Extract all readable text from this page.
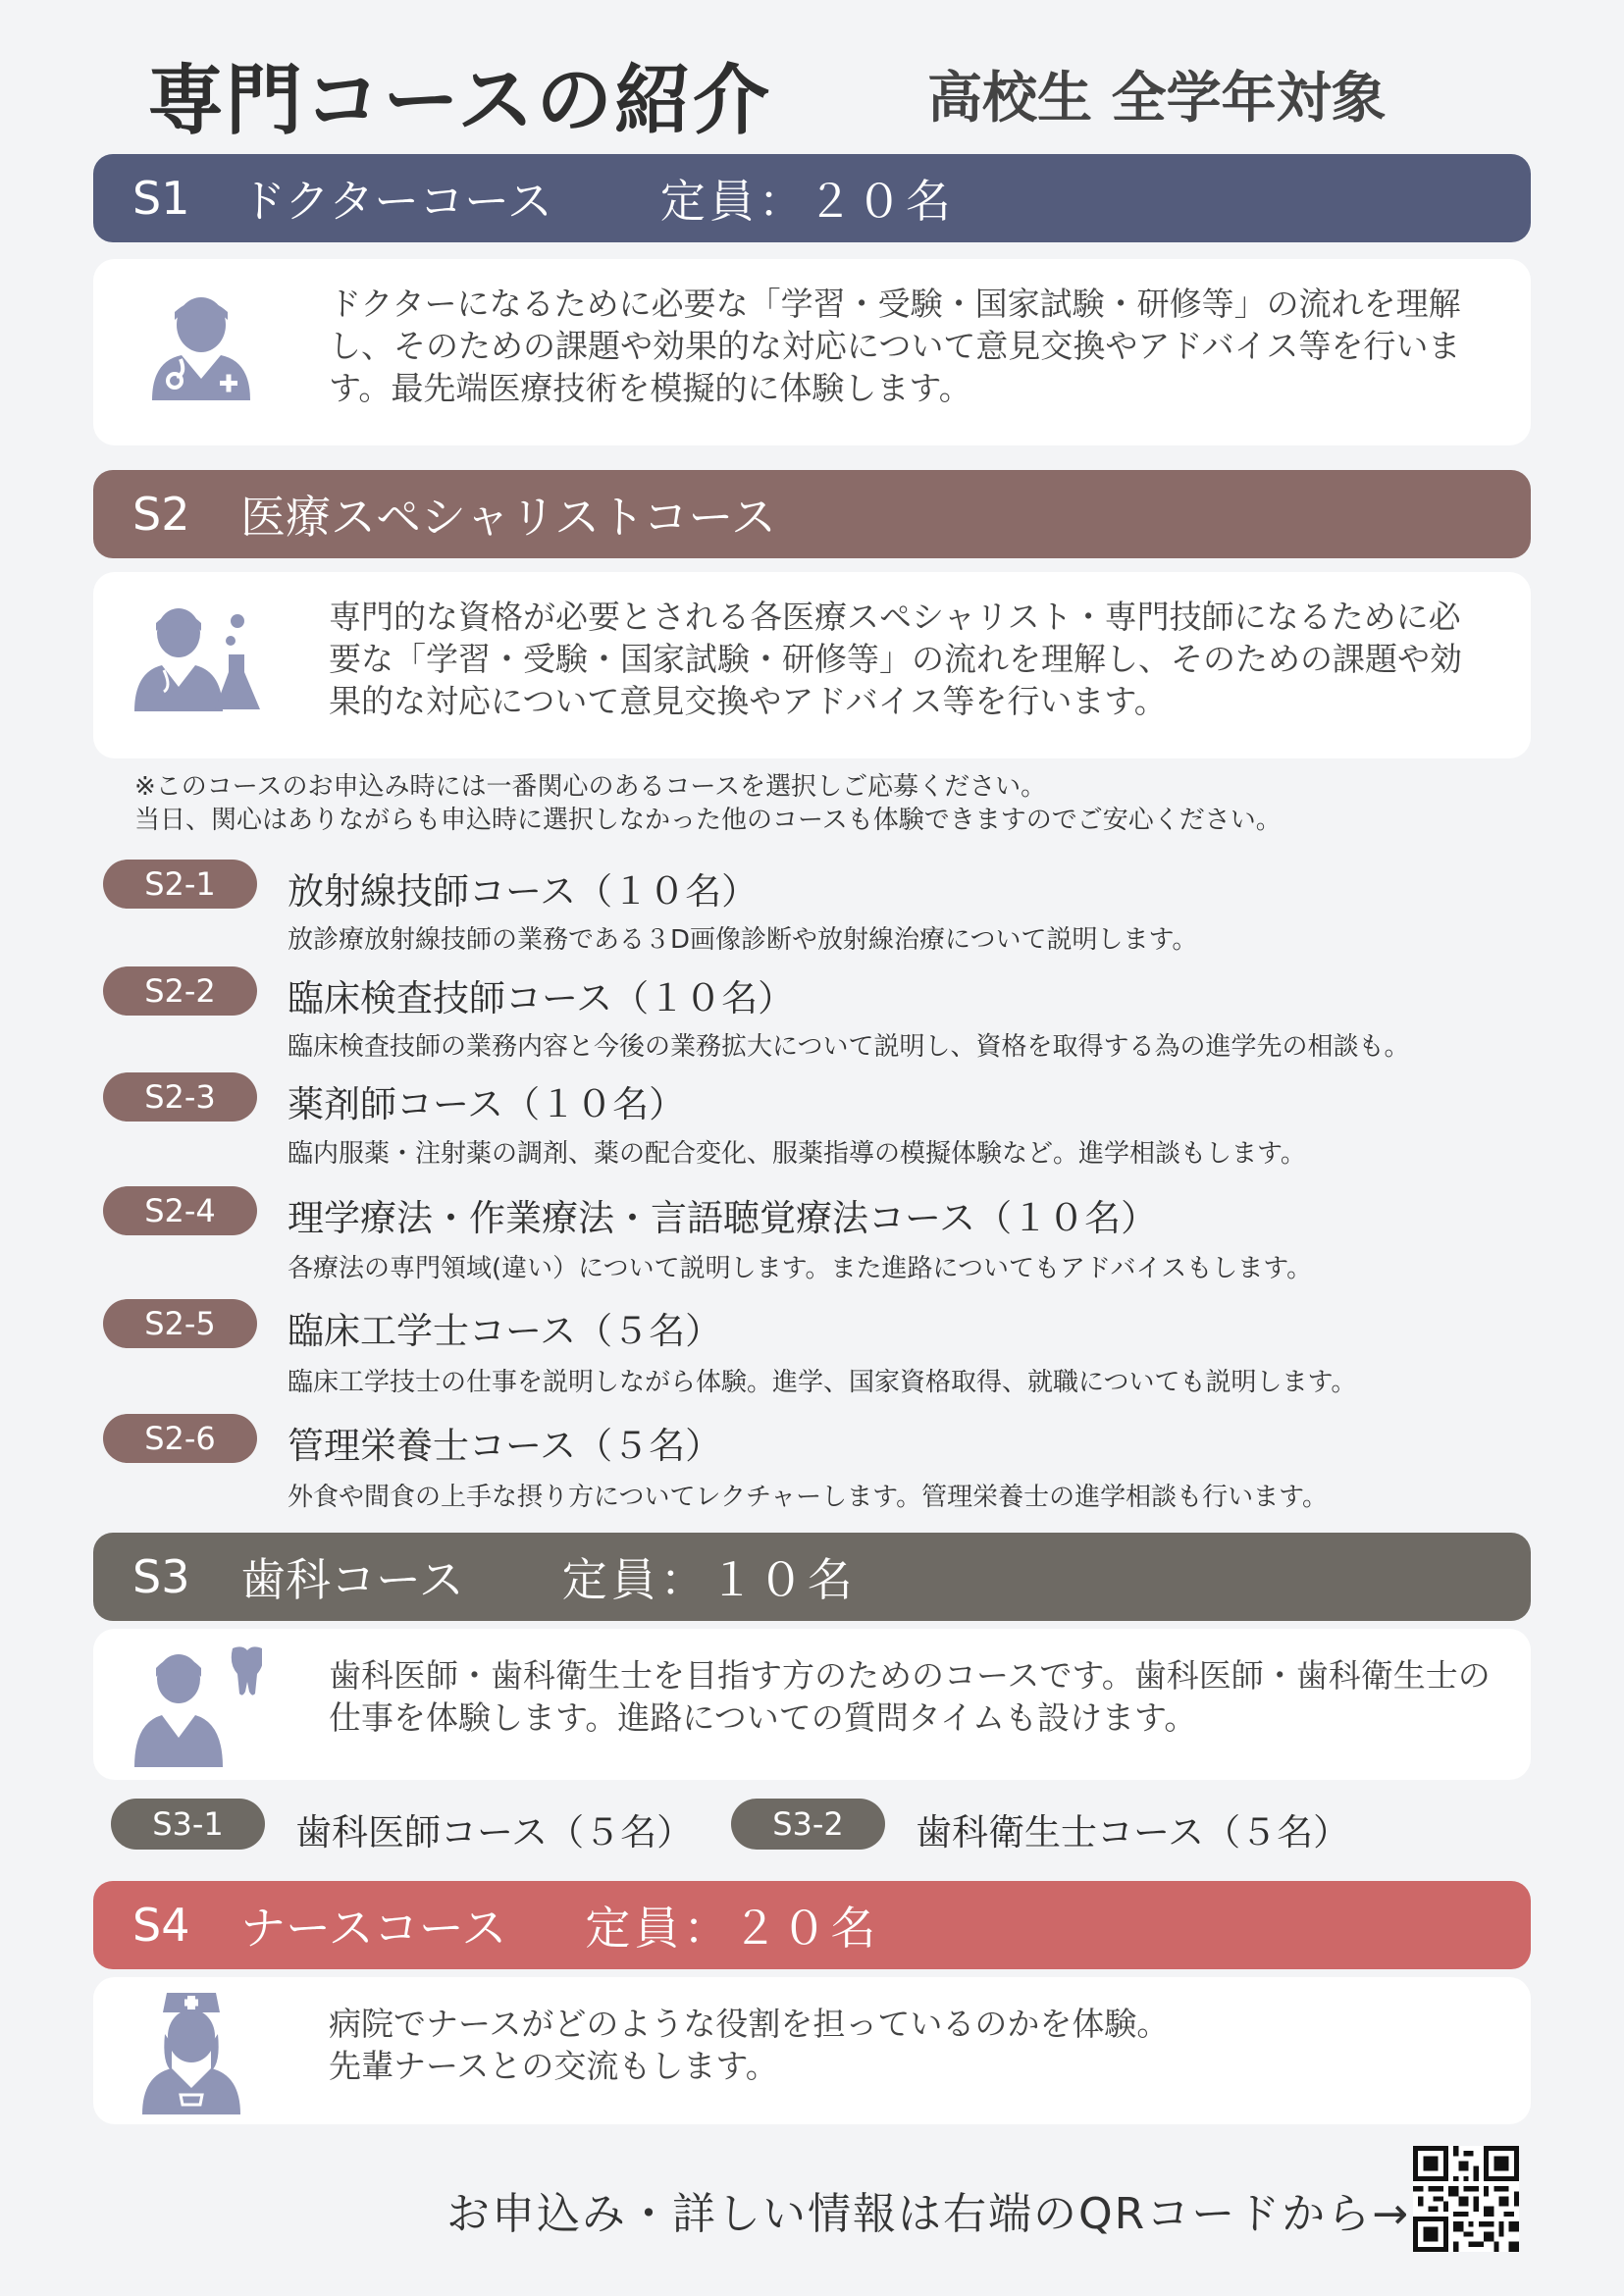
専門コースの紹介	高校生 全学年対象
S1	ドクターコース 定員：２０名
ドクターになるために必要な「学習・受験・国家試験・研修等」の流れを理解し、そのための課題や効果的な対応について意見交換やアドバイス等を行います。最先端医療技術を模擬的に体験します。
S2	医療スペシャリストコース
専門的な資格が必要とされる各医療スペシャリスト・専門技師になるために必要な「学習・受験・国家試験・研修等」の流れを理解し、そのための課題や効果的な対応について意見交換やアドバイス等を行います。
※このコースのお申込み時には一番関心のあるコースを選択しご応募ください。
当日、関心はありながらも申込時に選択しなかった他のコースも体験できますのでご安心ください。
S2-1	放射線技師コース（１０名）
放診療放射線技師の業務である３D画像診断や放射線治療について説明します。
S2-2	臨床検査技師コース（１０名）
臨床検査技師の業務内容と今後の業務拡大について説明し、資格を取得する為の進学先の相談も。
S2-3	薬剤師コース（１０名）
臨内服薬・注射薬の調剤、薬の配合変化、服薬指導の模擬体験など。進学相談もします。
S2-4	理学療法・作業療法・言語聴覚療法コース（１０名）
各療法の専門領域(違い）について説明します。また進路についてもアドバイスもします。
S2-5	臨床工学士コース（５名）
臨床工学技士の仕事を説明しながら体験。進学、国家資格取得、就職についても説明します。
S2-6	管理栄養士コース（５名）
外食や間食の上手な摂り方についてレクチャーします。管理栄養士の進学相談も行います。
S3	歯科コース 定員：１０名
歯科医師・歯科衛生士を目指す方のためのコースです。歯科医師・歯科衛生士の仕事を体験します。進路についての質問タイムも設けます。
S3-1	歯科医師コース（５名）	S3-2	歯科衛生士コース（５名）
S4	ナースコース 定員：２０名
病院でナースがどのような役割を担っているのかを体験。
先輩ナースとの交流もします。
お申込み・詳しい情報は右端のQRコードから→
